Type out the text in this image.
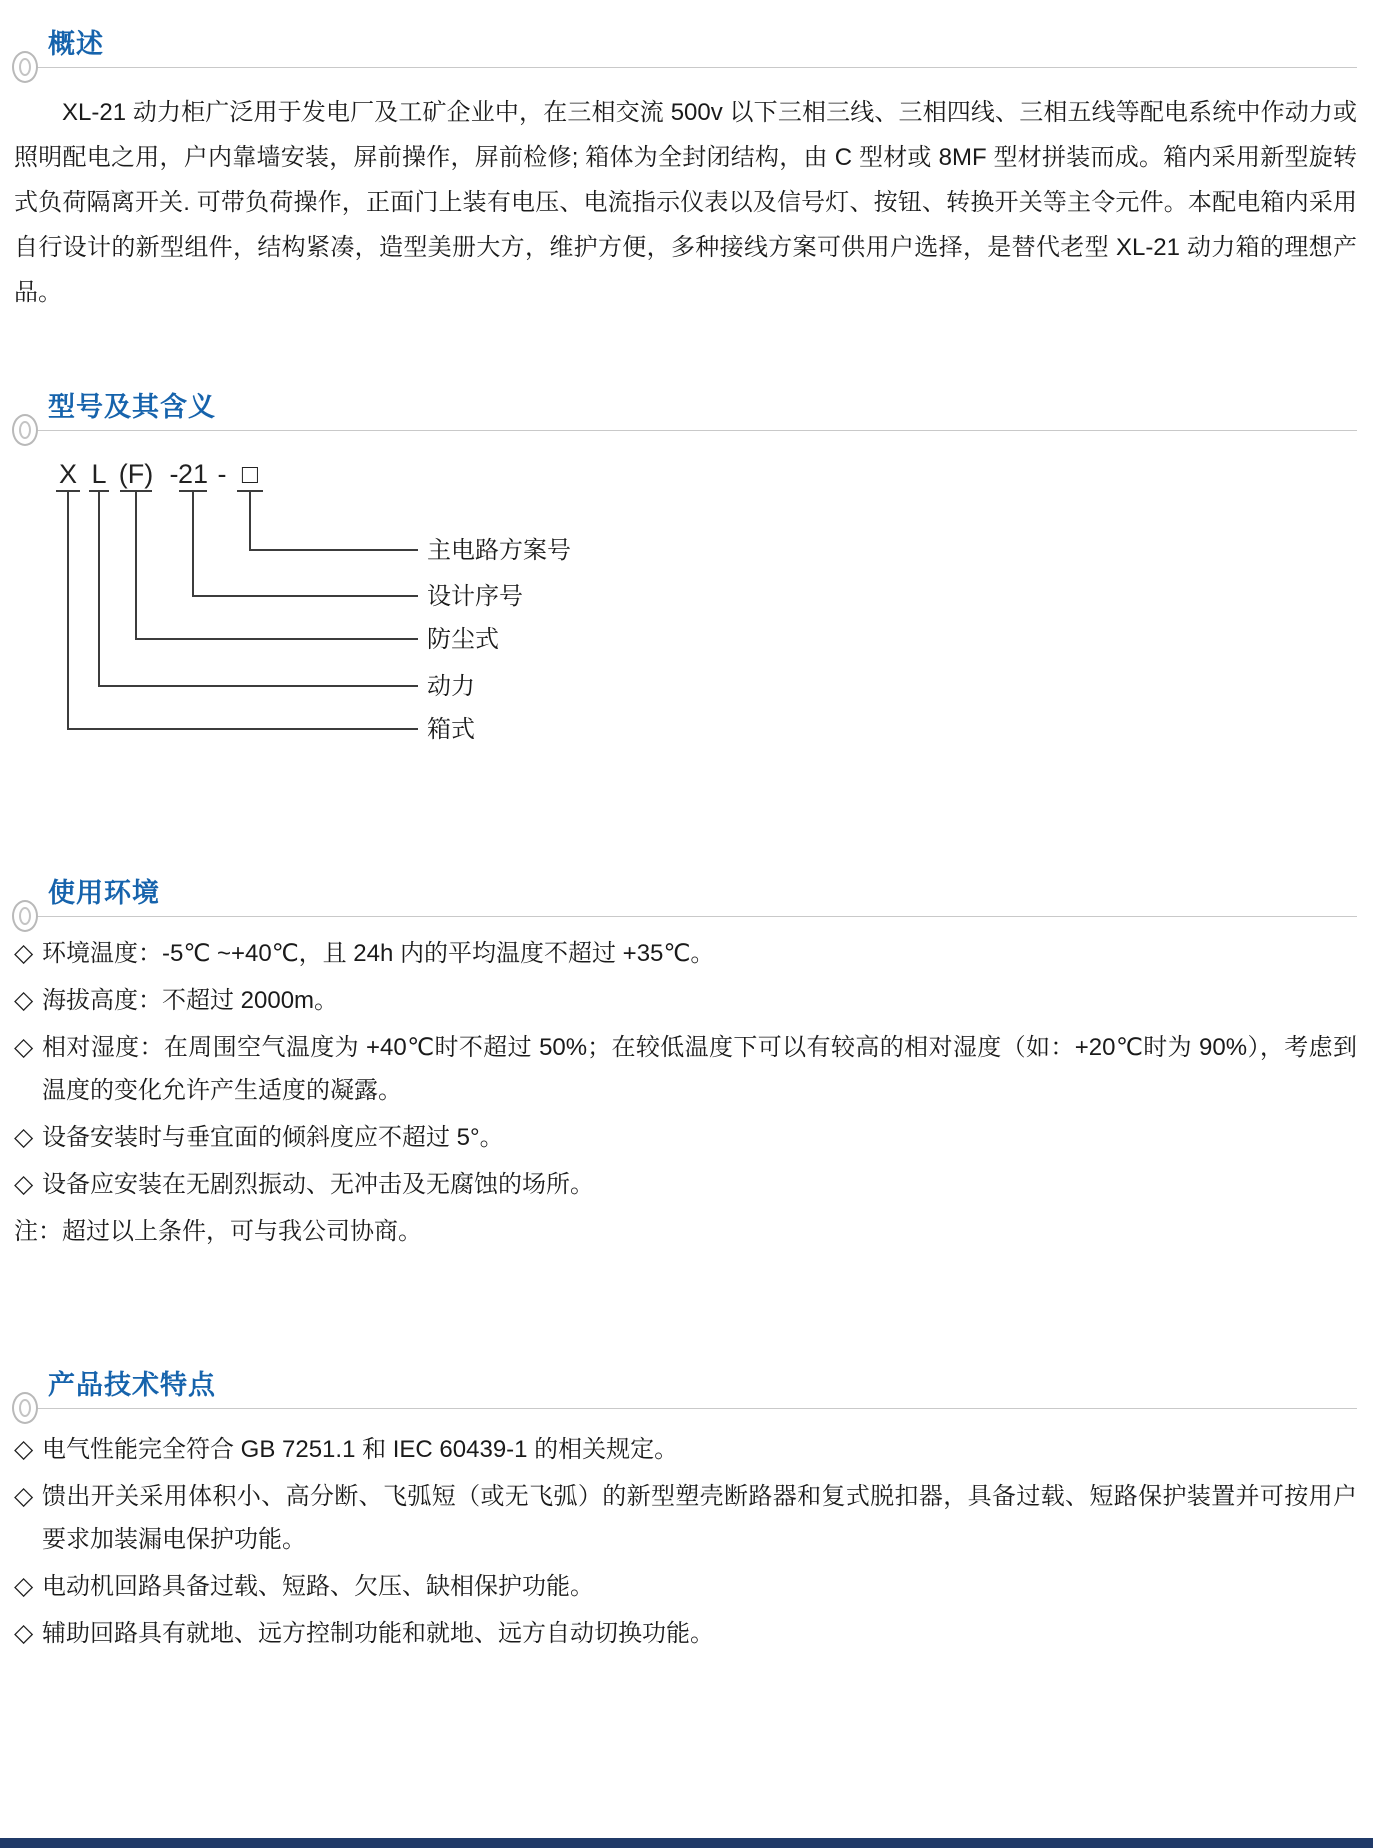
概述

XL-21 动力柜广泛用于发电厂及工矿企业中，在三相交流 500v 以下三相三线、三相四线、三相五线等配电系统中作动力或照明配电之用，户内靠墙安装，屏前操作，屏前检修; 箱体为全封闭结构，由 C 型材或 8MF 型材拼装而成。箱内采用新型旋转式负荷隔离开关. 可带负荷操作，正面门上装有电压、电流指示仪表以及信号灯、按钮、转换开关等主令元件。本配电箱内采用自行设计的新型组件，结构紧凑，造型美册大方，维护方便，多种接线方案可供用户选择，是替代老型 XL-21 动力箱的理想产品。

型号及其含义
X L (F) - 21 - □
主电路方案号
设计序号
防尘式
动力
箱式
使用环境
◇ 环境温度：-5℃ ~+40℃，且 24h 内的平均温度不超过 +35℃。
◇ 海拔高度：不超过 2000m。
◇ 相对湿度：在周围空气温度为 +40℃时不超过 50%；在较低温度下可以有较高的相对湿度（如：+20℃时为 90%），考虑到温度的变化允许产生适度的凝露。
◇ 设备安装时与垂宜面的倾斜度应不超过 5°。
◇ 设备应安装在无剧烈振动、无冲击及无腐蚀的场所。
注：超过以上条件，可与我公司协商。
产品技术特点
◇ 电气性能完全符合 GB 7251.1 和 IEC 60439-1 的相关规定。
◇ 馈出开关采用体积小、高分断、飞弧短（或无飞弧）的新型塑壳断路器和复式脱扣器，具备过载、短路保护装置并可按用户要求加装漏电保护功能。
◇ 电动机回路具备过载、短路、欠压、缺相保护功能。
◇ 辅助回路具有就地、远方控制功能和就地、远方自动切换功能。
